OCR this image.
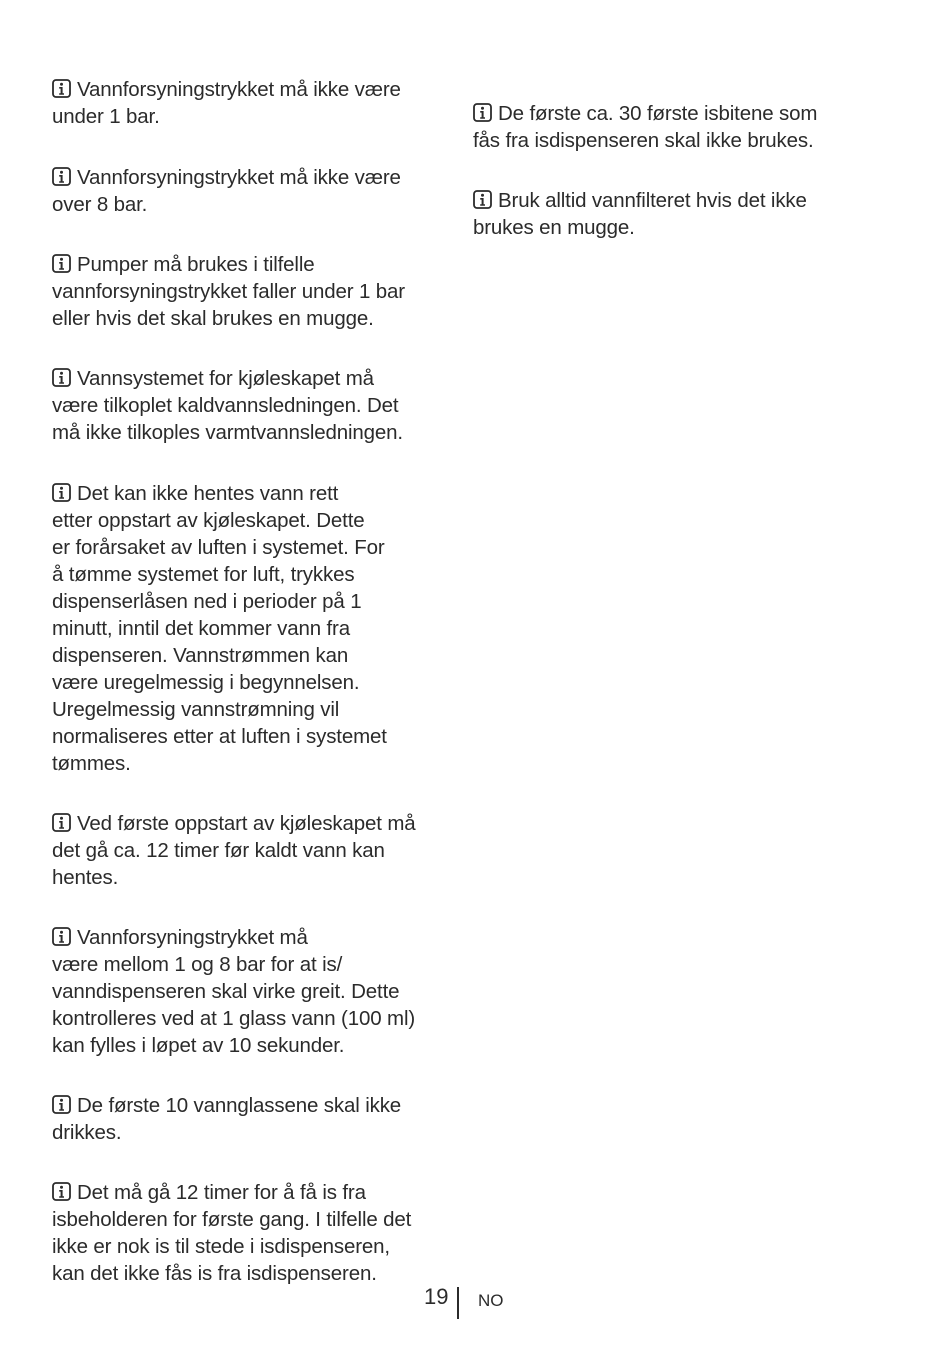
Vannforsyningstrykket må ikke være
under 1 bar.

Vannforsyningstrykket må ikke være
over 8 bar.

Pumper må brukes i tilfelle
vannforsyningstrykket faller under 1 bar
eller hvis det skal brukes en mugge.

Vannsystemet for kjøleskapet må
være tilkoplet kaldvannsledningen. Det
må ikke tilkoples varmtvannsledningen.

Det kan ikke hentes vann rett
etter oppstart av kjøleskapet. Dette
er forårsaket av luften i systemet. For
å tømme systemet for luft, trykkes
dispenserlåsen ned i perioder på 1
minutt, inntil det kommer vann fra
dispenseren. Vannstrømmen kan
være uregelmessig i begynnelsen.
Uregelmessig vannstrømning vil
normaliseres etter at luften i systemet
tømmes.

Ved første oppstart av kjøleskapet må
det gå ca. 12 timer før kaldt vann kan
hentes.

Vannforsyningstrykket må
være mellom 1 og 8 bar for at is/
vanndispenseren skal virke greit. Dette
kontrolleres ved at 1 glass vann (100 ml)
kan fylles i løpet av 10 sekunder.

De første 10 vannglassene skal ikke
drikkes.

Det må gå 12 timer for å få is fra
isbeholderen for første gang. I tilfelle det
ikke er nok is til stede i isdispenseren,
kan det ikke fås is fra isdispenseren.

De første ca. 30 første isbitene som
fås fra isdispenseren skal ikke brukes.

Bruk alltid vannfilteret hvis det ikke
brukes en mugge.

19 NO
